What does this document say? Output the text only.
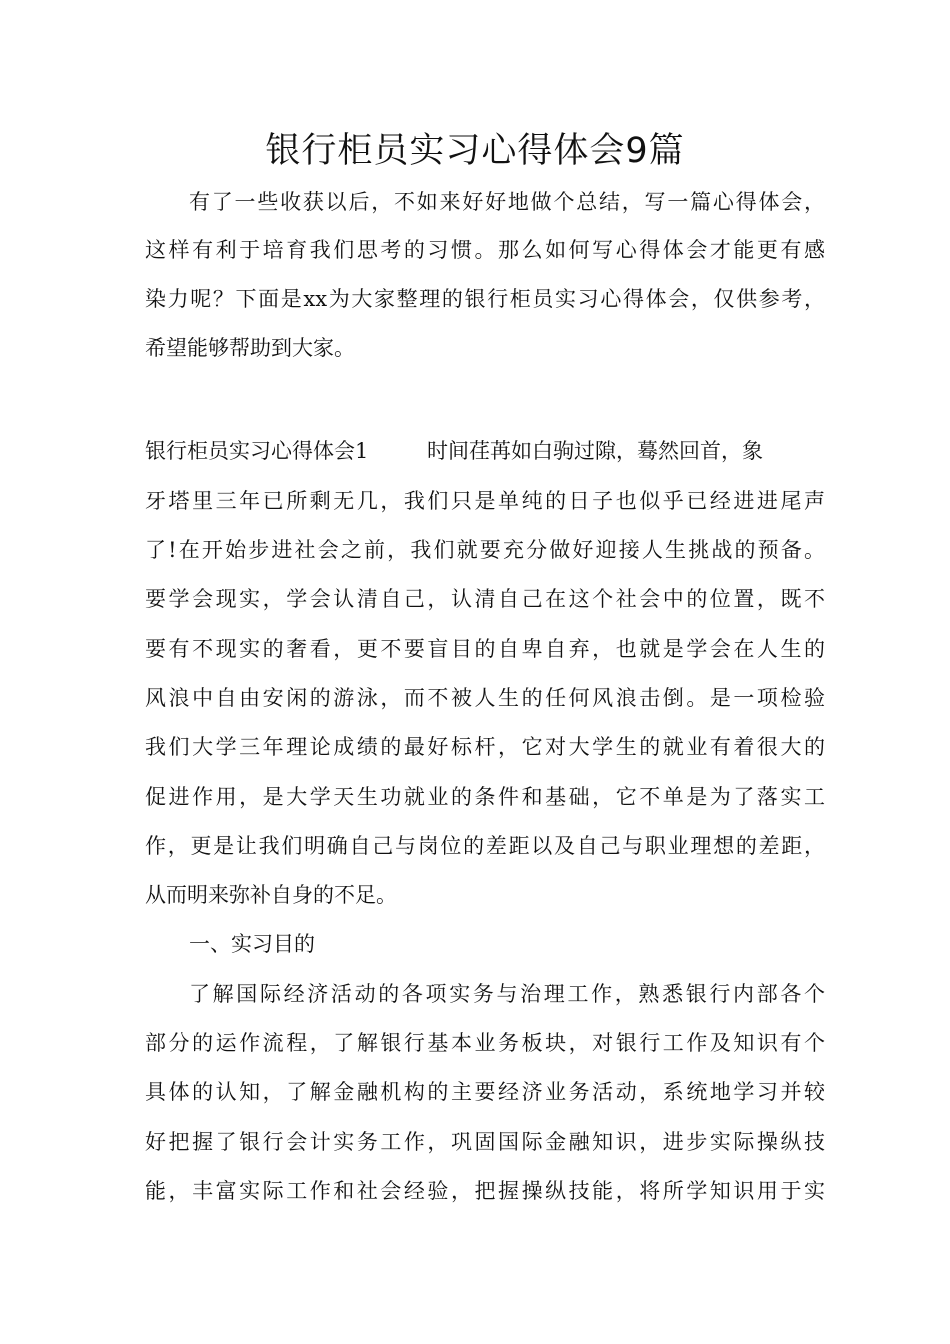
银行柜员实习心得体会9篇
有了一些收获以后，不如来好好地做个总结，写一篇心得体会，
这样有利于培育我们思考的习惯。那么如何写心得体会才能更有感
染力呢？下面是xx为大家整理的银行柜员实习心得体会，仅供参考，
希望能够帮助到大家。
银行柜员实习心得体会1	时间荏苒如白驹过隙，蓦然回首，象
牙塔里三年已所剩无几，我们只是单纯的日子也似乎已经进进尾声
了!在开始步进社会之前，我们就要充分做好迎接人生挑战的预备。
要学会现实，学会认清自己，认清自己在这个社会中的位置，既不
要有不现实的奢看，更不要盲目的自卑自弃，也就是学会在人生的
风浪中自由安闲的游泳，而不被人生的任何风浪击倒。是一项检验
我们大学三年理论成绩的最好标杆，它对大学生的就业有着很大的
促进作用，是大学天生功就业的条件和基础，它不单是为了落实工
作，更是让我们明确自己与岗位的差距以及自己与职业理想的差距，
从而明来弥补自身的不足。
一、实习目的
了解国际经济活动的各项实务与治理工作，熟悉银行内部各个
部分的运作流程，了解银行基本业务板块，对银行工作及知识有个
具体的认知，了解金融机构的主要经济业务活动，系统地学习并较
好把握了银行会计实务工作，巩固国际金融知识，进步实际操纵技
能，丰富实际工作和社会经验，把握操纵技能，将所学知识用于实
